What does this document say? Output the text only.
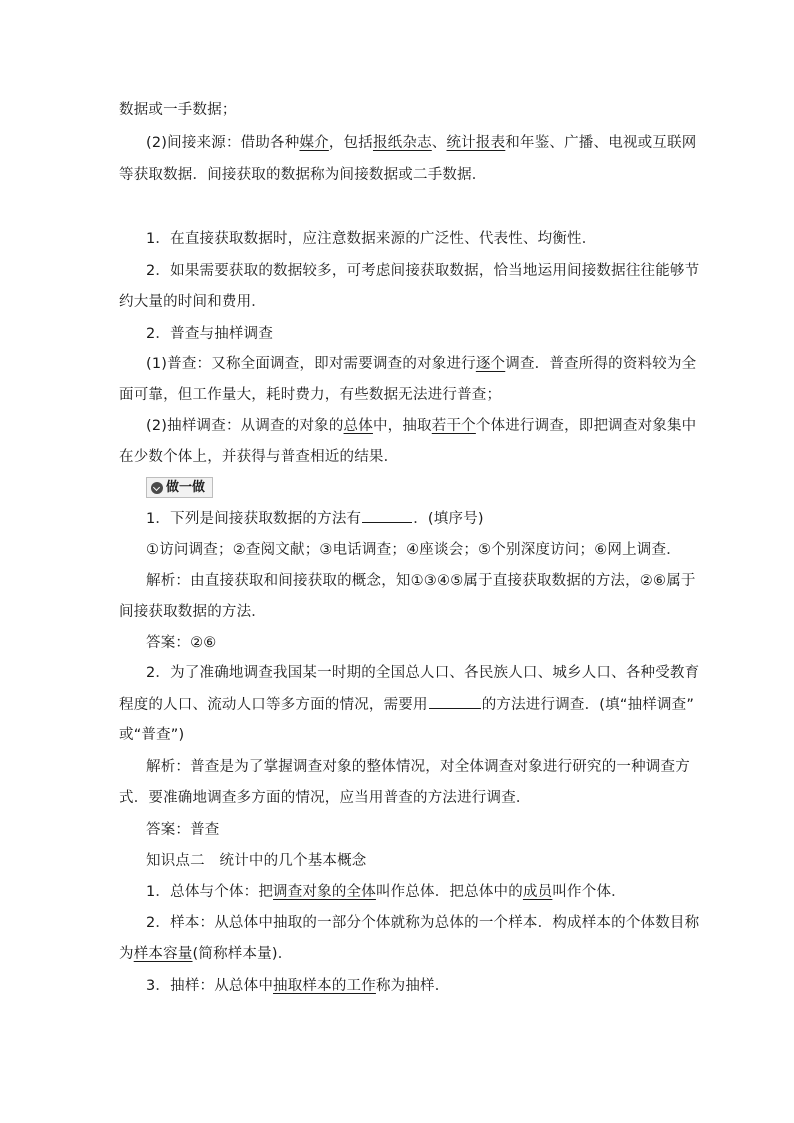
数据或一手数据；
(2)间接来源：借助各种媒介，包括报纸杂志、统计报表和年鉴、广播、电视或互联网
等获取数据．间接获取的数据称为间接数据或二手数据．
1．在直接获取数据时，应注意数据来源的广泛性、代表性、均衡性．
2．如果需要获取的数据较多，可考虑间接获取数据，恰当地运用间接数据往往能够节
约大量的时间和费用．
2．普查与抽样调查
(1)普查：又称全面调查，即对需要调查的对象进行逐个调查．普查所得的资料较为全
面可靠，但工作量大，耗时费力，有些数据无法进行普查；
(2)抽样调查：从调查的对象的总体中，抽取若干个个体进行调查，即把调查对象集中
在少数个体上，并获得与普查相近的结果．
做一做
1．下列是间接获取数据的方法有	．(填序号)
①访问调查；②查阅文献；③电话调查；④座谈会；⑤个别深度访问；⑥网上调查．
解析：由直接获取和间接获取的概念，知①③④⑤属于直接获取数据的方法，②⑥属于
间接获取数据的方法．
答案：②⑥
2．为了准确地调查我国某一时期的全国总人口、各民族人口、城乡人口、各种受教育
程度的人口、流动人口等多方面的情况，需要用	的方法进行调查．(填“抽样调查”
或“普查”)
解析：普查是为了掌握调查对象的整体情况，对全体调查对象进行研究的一种调查方
式．要准确地调查多方面的情况，应当用普查的方法进行调查．
答案：普查
知识点二　统计中的几个基本概念
1．总体与个体：把调查对象的全体叫作总体．把总体中的成员叫作个体．
2．样本：从总体中抽取的一部分个体就称为总体的一个样本．构成样本的个体数目称
为样本容量(简称样本量)．
3．抽样：从总体中抽取样本的工作称为抽样．
